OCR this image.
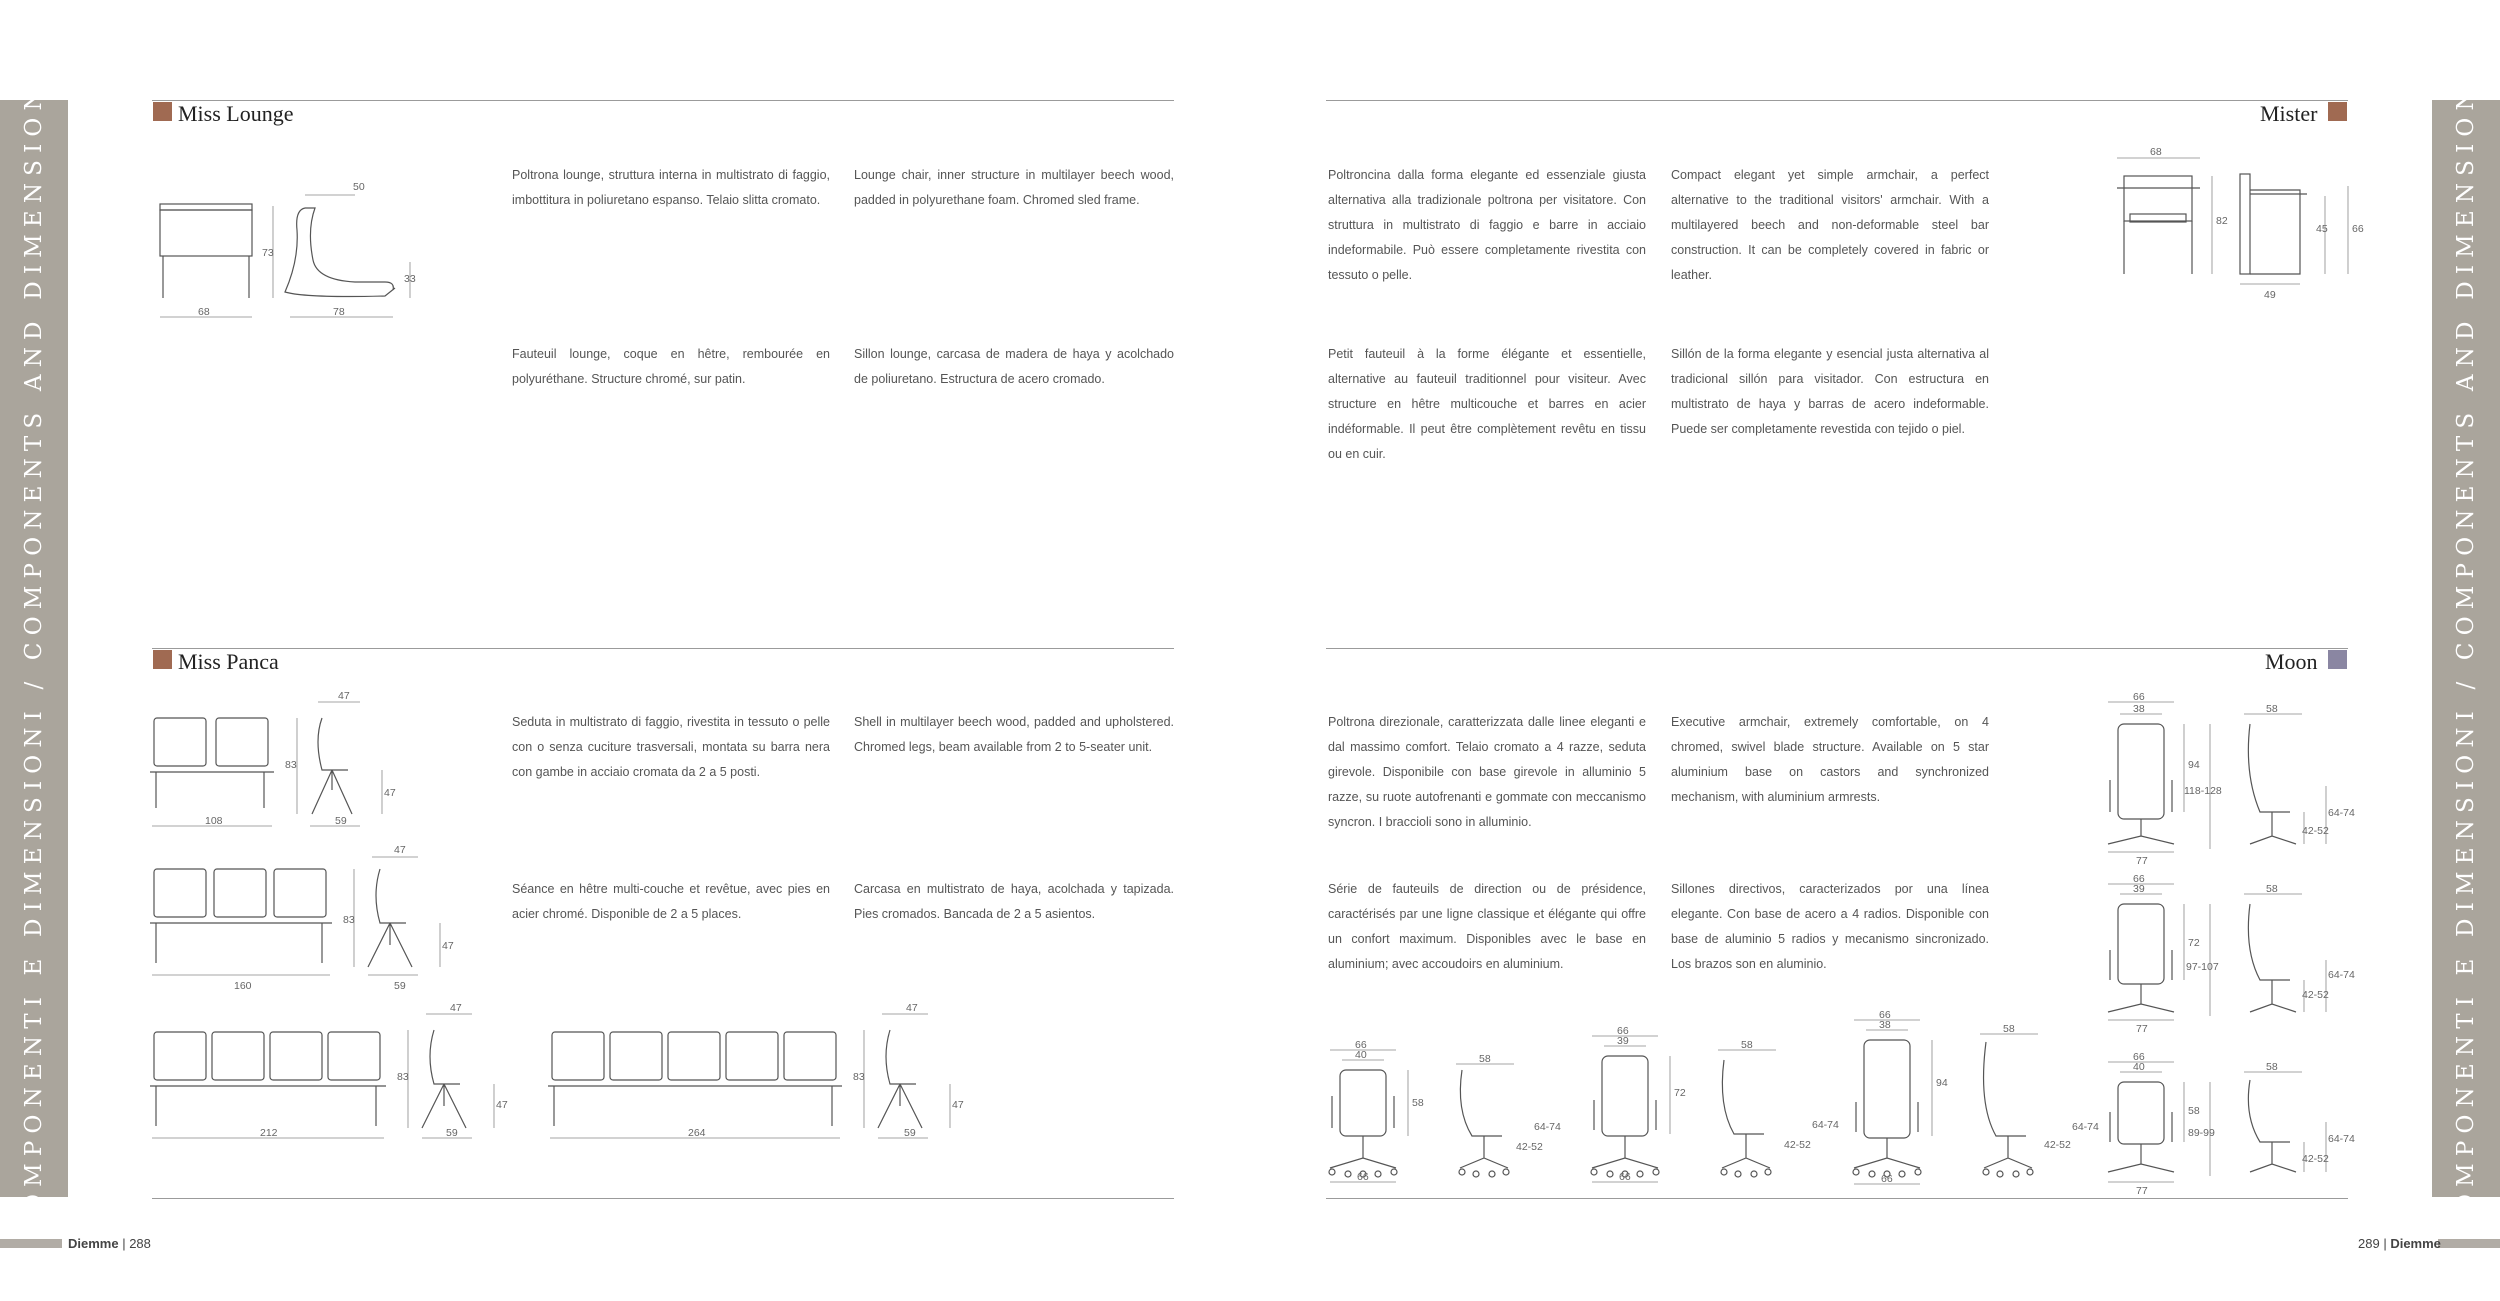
COMPONENTI E DIMENSIONI / COMPONENTS AND DIMENSIONS	COMPONENTI E DIMENSIONI / COMPONENTS AND DIMENSIONS
Miss Lounge
Poltrona lounge, struttura interna in multistrato di faggio, imbottitura in poliuretano espanso. Telaio slitta cromato.
Lounge chair, inner structure in multilayer beech wood, padded in polyurethane foam. Chromed sled frame.
Fauteuil lounge, coque en hêtre, rembourée en polyuréthane. Structure chromé, sur patin.
Sillon lounge, carcasa de madera de haya y acolchado de poliuretano. Estructura de acero cromado.
68	78
50
73
33
Mister
Poltroncina dalla forma elegante ed essenziale giusta alternativa alla tradizionale poltrona per visitatore. Con struttura in multistrato di faggio e barre in acciaio indeformabile. Può essere completamente rivestita con tessuto o pelle.
Compact elegant yet simple armchair, a perfect alternative to the traditional visitors' armchair. With a multilayered beech and non-deformable steel bar construction. It can be completely covered in fabric or leather.
Petit fauteuil à la forme élégante et essentielle, alternative au fauteuil traditionnel pour visiteur. Avec structure en hêtre multicouche et barres en acier indéformable. Il peut être complètement revêtu en tissu ou en cuir.
Sillón de la forma elegante y esencial justa alternativa al tradicional sillón para visitador. Con estructura en multistrato de haya y barras de acero indeformable. Puede ser completamente revestida con tejido o piel.
68
82
45 66
49
Miss Panca
Seduta in multistrato di faggio, rivestita in tessuto o pelle con o senza cuciture trasversali, montata su barra nera con gambe in acciaio cromata da 2 a 5 posti.
Shell in multilayer beech wood, padded and upholstered. Chromed legs, beam available from 2 to 5-seater unit.
Séance en hêtre multi-couche et revêtue, avec pies en acier chromé. Disponible de 2 a 5 places.
Carcasa en multistrato de haya, acolchada y tapizada. Pies cromados. Bancada de 2 a 5 asientos.
108	59
47
83
47
160	59
47
83
47
212	59
47
83
47
264	59
47
83
47
Moon
Poltrona direzionale, caratterizzata dalle linee eleganti e dal massimo comfort. Telaio cromato a 4 razze, seduta girevole. Disponibile con base girevole in alluminio 5 razze, su ruote autofrenanti e gommate con meccanismo syncron. I braccioli sono in alluminio.
Executive armchair, extremely comfortable, on 4 chromed, swivel blade structure. Available on 5 star aluminium base on castors and synchronized mechanism, with aluminium armrests.
Série de fauteuils de direction ou de présidence, caractérisés par une ligne classique et élégante qui offre un confort maximum. Disponibles avec le base en aluminium; avec accoudoirs en aluminium.
Sillones directivos, caracterizados por una línea elegante. Con base de acero a 4 radios. Disponible con base de aluminio 5 radios y mecanismo sincronizado. Los brazos son en aluminio.
66
38
94
118-128
58
64-74
42-52
77
66
39
72
97-107
58
64-74
42-52
77
66
40
58
89-99
58
64-74
42-52
77
66
40
58
66
58
64-74
42-52
66
39
72
66
58
64-74
42-52
66
38
94
66
58
64-74
42-52
Diemme | 288	289 | Diemme
